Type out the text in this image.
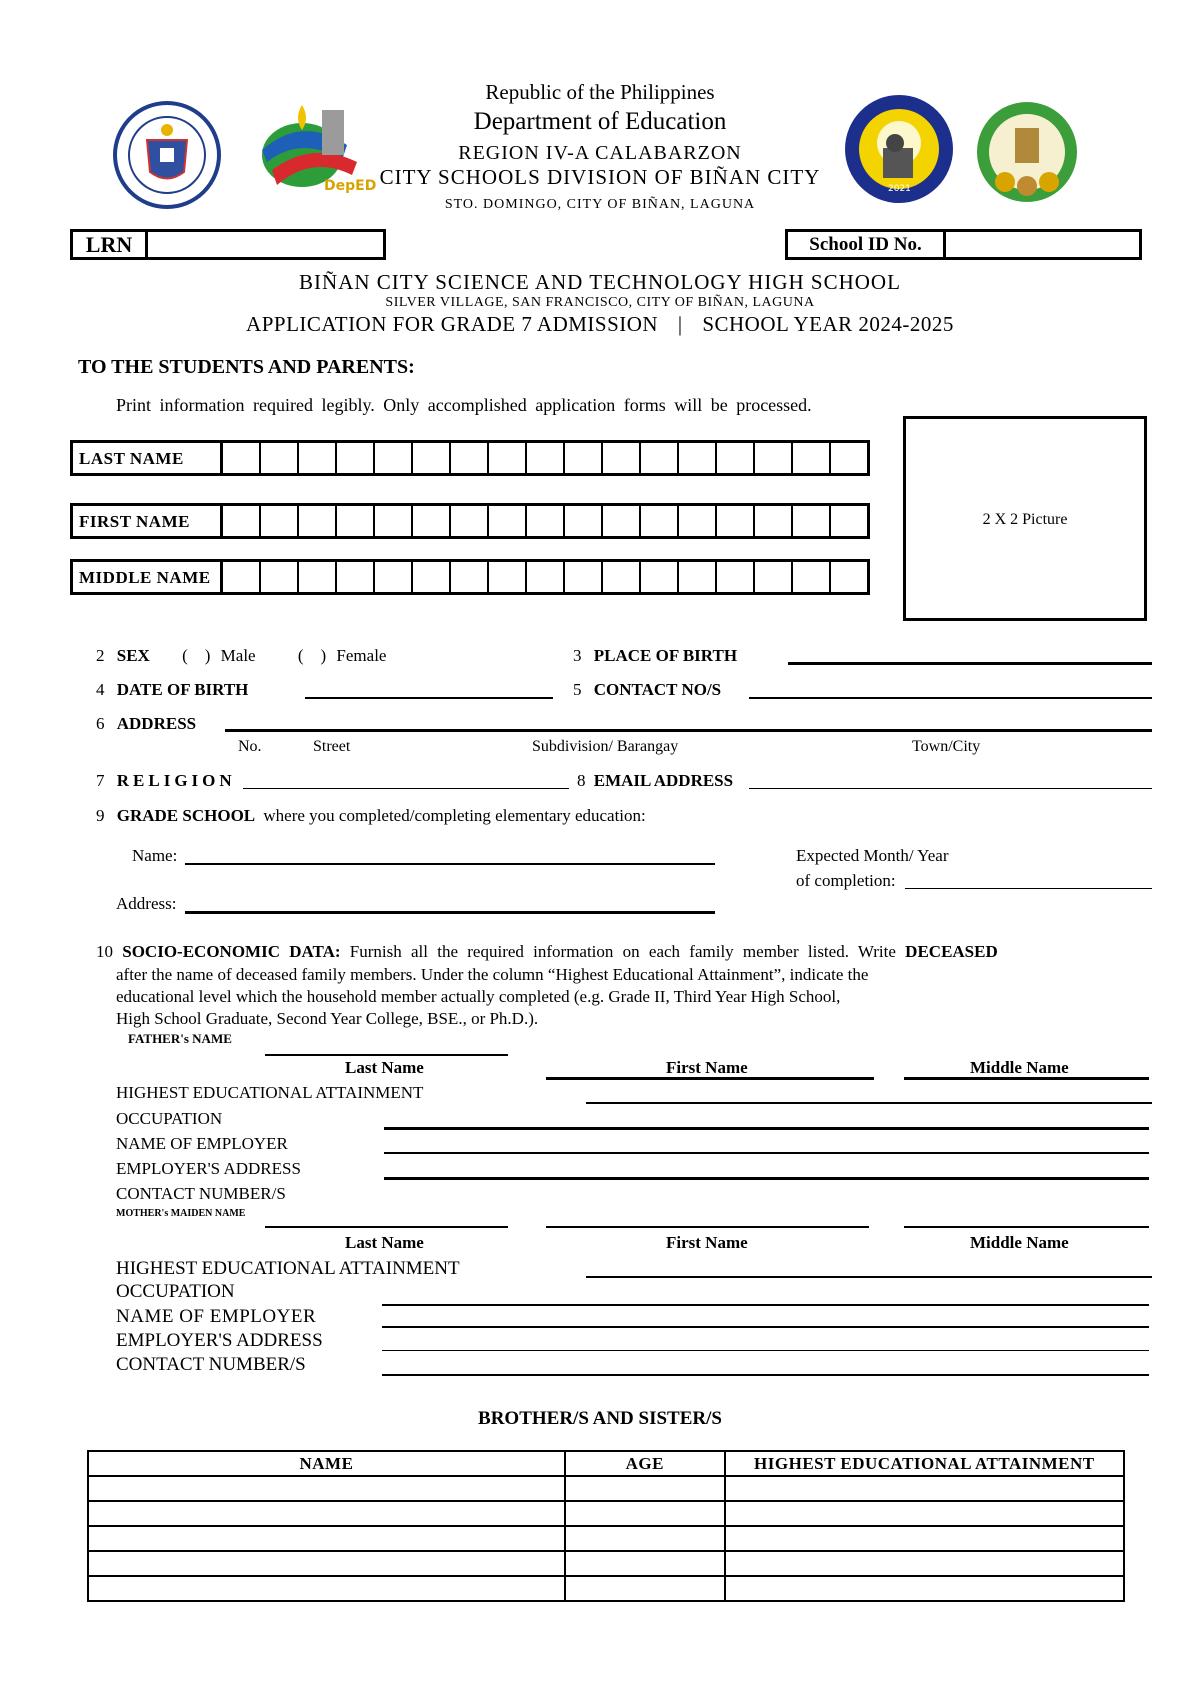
DepED	2021
Republic of the Philippines
Department of Education
REGION IV-A CALABARZON
CITY SCHOOLS DIVISION OF BIÑAN CITY
STO. DOMINGO, CITY OF BIÑAN, LAGUNA
LRN	School ID No.
BIÑAN CITY SCIENCE AND TECHNOLOGY HIGH SCHOOL
SILVER VILLAGE, SAN FRANCISCO, CITY OF BIÑAN, LAGUNA
APPLICATION FOR GRADE 7 ADMISSION | SCHOOL YEAR 2024-2025
TO THE STUDENTS AND PARENTS:
Print information required legibly. Only accomplished application forms will be processed.
LAST NAME
FIRST NAME
MIDDLE NAME
2 X 2 Picture
2 SEX (    ) Male (    ) Female	3 PLACE OF BIRTH
4 DATE OF BIRTH	5 CONTACT NO/S
6 ADDRESS
No.	Street	Subdivision/ Barangay	Town/City
7 RELIGION	8 EMAIL ADDRESS
9 GRADE SCHOOL where you completed/completing elementary education:
Name:	Expected Month/ Year
of completion:
Address:
10 SOCIO-ECONOMIC DATA: Furnish all the required information on each family member listed. Write DECEASED
after the name of deceased family members. Under the column “Highest Educational Attainment”, indicate the
educational level which the household member actually completed (e.g. Grade II, Third Year High School,
High School Graduate, Second Year College, BSE., or Ph.D.).
FATHER's NAME
Last Name	First Name	Middle Name
HIGHEST EDUCATIONAL ATTAINMENT
OCCUPATION
NAME OF EMPLOYER
EMPLOYER'S ADDRESS
CONTACT NUMBER/S
MOTHER's MAIDEN NAME
Last Name	First Name	Middle Name
HIGHEST EDUCATIONAL ATTAINMENT
OCCUPATION
NAME OF EMPLOYER
EMPLOYER'S ADDRESS
CONTACT NUMBER/S
BROTHER/S AND SISTER/S
NAME	AGE	HIGHEST EDUCATIONAL ATTAINMENT
